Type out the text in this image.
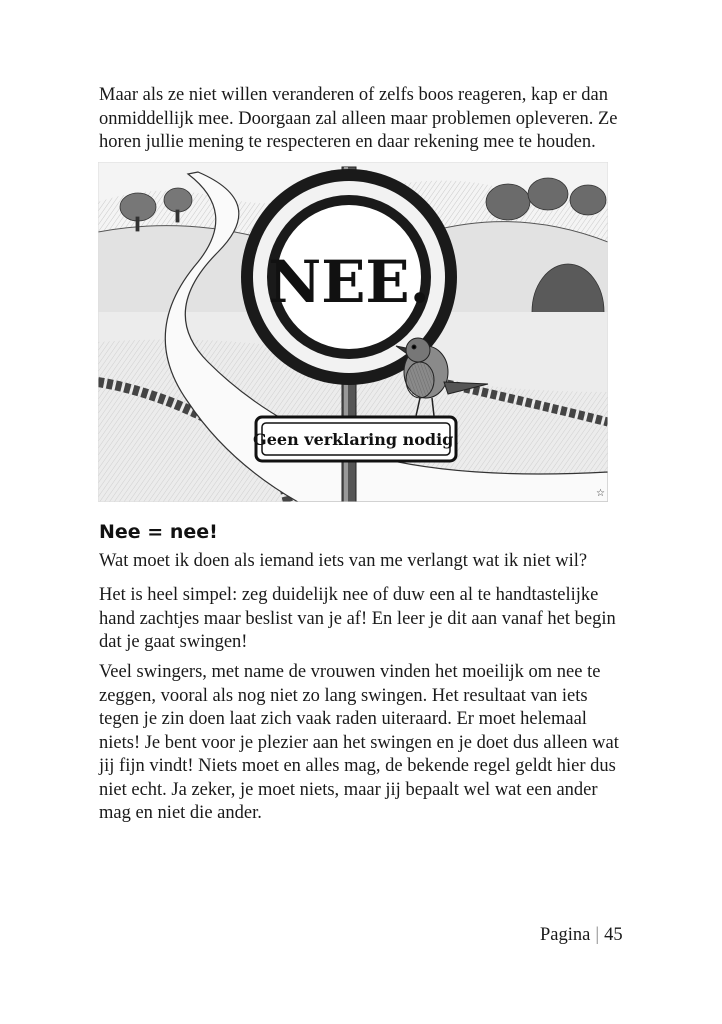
Maar als ze niet willen veranderen of zelfs boos reageren, kap er dan onmiddellijk mee. Doorgaan zal alleen maar problemen opleveren. Ze horen jullie mening te respecteren en daar rekening mee te houden.

NEE.
Geen verklaring nodig.
☆
Nee = nee!

Wat moet ik doen als iemand iets van me verlangt wat ik niet wil?

Het is heel simpel: zeg duidelijk nee of duw een al te handtastelijke hand zachtjes maar beslist van je af! En leer je dit aan vanaf het begin dat je gaat swingen!

Veel swingers, met name de vrouwen vinden het moeilijk om nee te zeggen, vooral als nog niet zo lang swingen. Het resultaat van iets tegen je zin doen laat zich vaak raden uiteraard. Er moet helemaal niets! Je bent voor je plezier aan het swingen en je doet dus alleen wat jij fijn vindt! Niets moet en alles mag, de bekende regel geldt hier dus niet echt. Ja zeker, je moet niets, maar jij bepaalt wel wat een ander mag en niet die ander.

Pagina | 45
